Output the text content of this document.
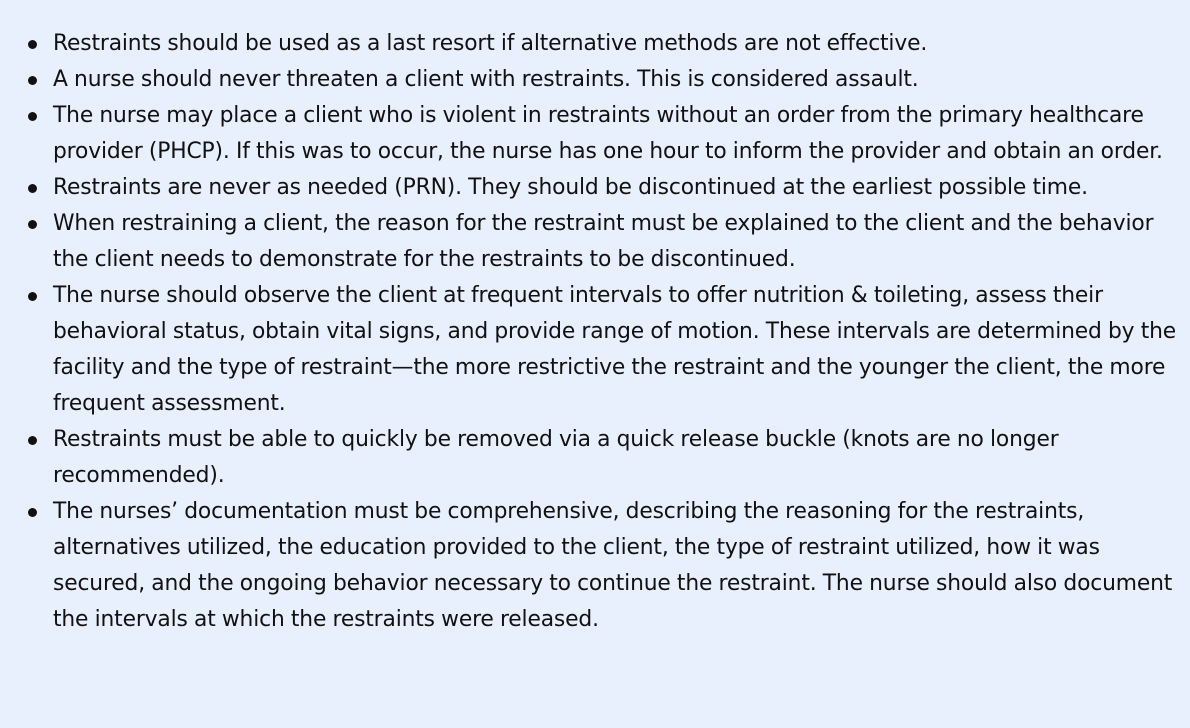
Restraints should be used as a last resort if alternative methods are not effective.
A nurse should never threaten a client with restraints. This is considered assault.
The nurse may place a client who is violent in restraints without an order from the primary healthcare provider (PHCP). If this was to occur, the nurse has one hour to inform the provider and obtain an order.
Restraints are never as needed (PRN). They should be discontinued at the earliest possible time.
When restraining a client, the reason for the restraint must be explained to the client and the behavior the client needs to demonstrate for the restraints to be discontinued.
The nurse should observe the client at frequent intervals to offer nutrition & toileting, assess their behavioral status, obtain vital signs, and provide range of motion. These intervals are determined by the facility and the type of restraint—the more restrictive the restraint and the younger the client, the more frequent assessment.
Restraints must be able to quickly be removed via a quick release buckle (knots are no longer recommended).
The nurses’ documentation must be comprehensive, describing the reasoning for the restraints, alternatives utilized, the education provided to the client, the type of restraint utilized, how it was secured, and the ongoing behavior necessary to continue the restraint. The nurse should also document the intervals at which the restraints were released.
